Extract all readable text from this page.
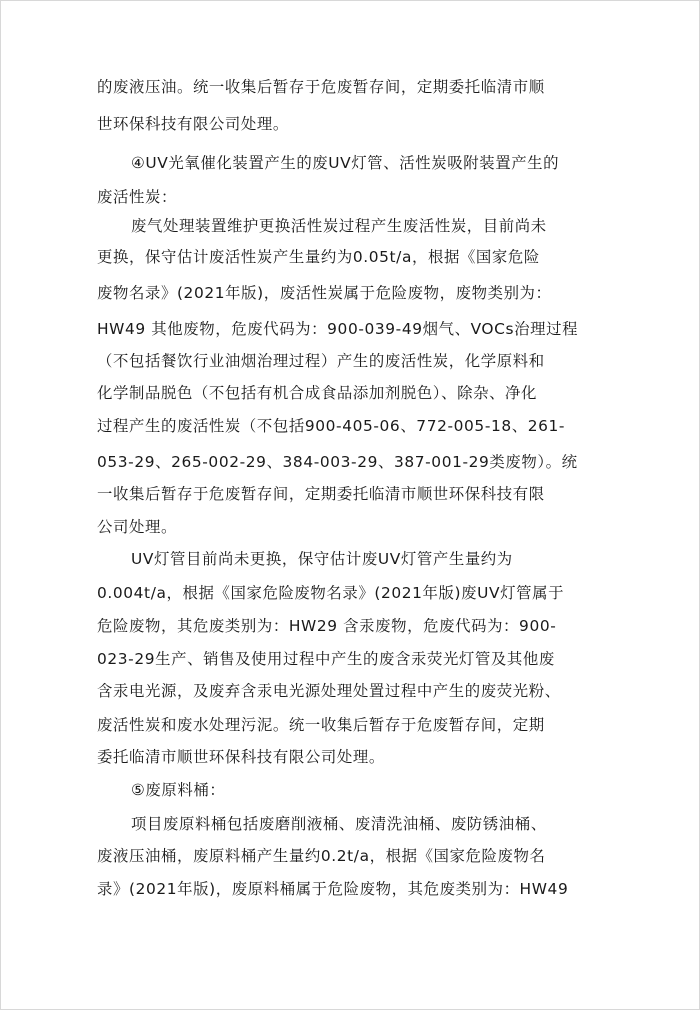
的废液压油。统一收集后暂存于危废暂存间，定期委托临清市顺
世环保科技有限公司处理。
④UV光氧催化装置产生的废UV灯管、活性炭吸附装置产生的
废活性炭：
废气处理装置维护更换活性炭过程产生废活性炭，目前尚未
更换，保守估计废活性炭产生量约为0.05t/a，根据《国家危险
废物名录》(2021年版)，废活性炭属于危险废物，废物类别为：
HW49 其他废物，危废代码为：900-039-49烟气、VOCs治理过程
（不包括餐饮行业油烟治理过程）产生的废活性炭，化学原料和
化学制品脱色（不包括有机合成食品添加剂脱色）、除杂、净化
过程产生的废活性炭（不包括900-405-06、772-005-18、261-
053-29、265-002-29、384-003-29、387-001-29类废物）。统
一收集后暂存于危废暂存间，定期委托临清市顺世环保科技有限
公司处理。
UV灯管目前尚未更换，保守估计废UV灯管产生量约为
0.004t/a，根据《国家危险废物名录》(2021年版)废UV灯管属于
危险废物，其危废类别为：HW29 含汞废物，危废代码为：900-
023-29生产、销售及使用过程中产生的废含汞荧光灯管及其他废
含汞电光源，及废弃含汞电光源处理处置过程中产生的废荧光粉、
废活性炭和废水处理污泥。统一收集后暂存于危废暂存间，定期
委托临清市顺世环保科技有限公司处理。
⑤废原料桶：
项目废原料桶包括废磨削液桶、废清洗油桶、废防锈油桶、
废液压油桶，废原料桶产生量约0.2t/a，根据《国家危险废物名
录》(2021年版)，废原料桶属于危险废物，其危废类别为：HW49
